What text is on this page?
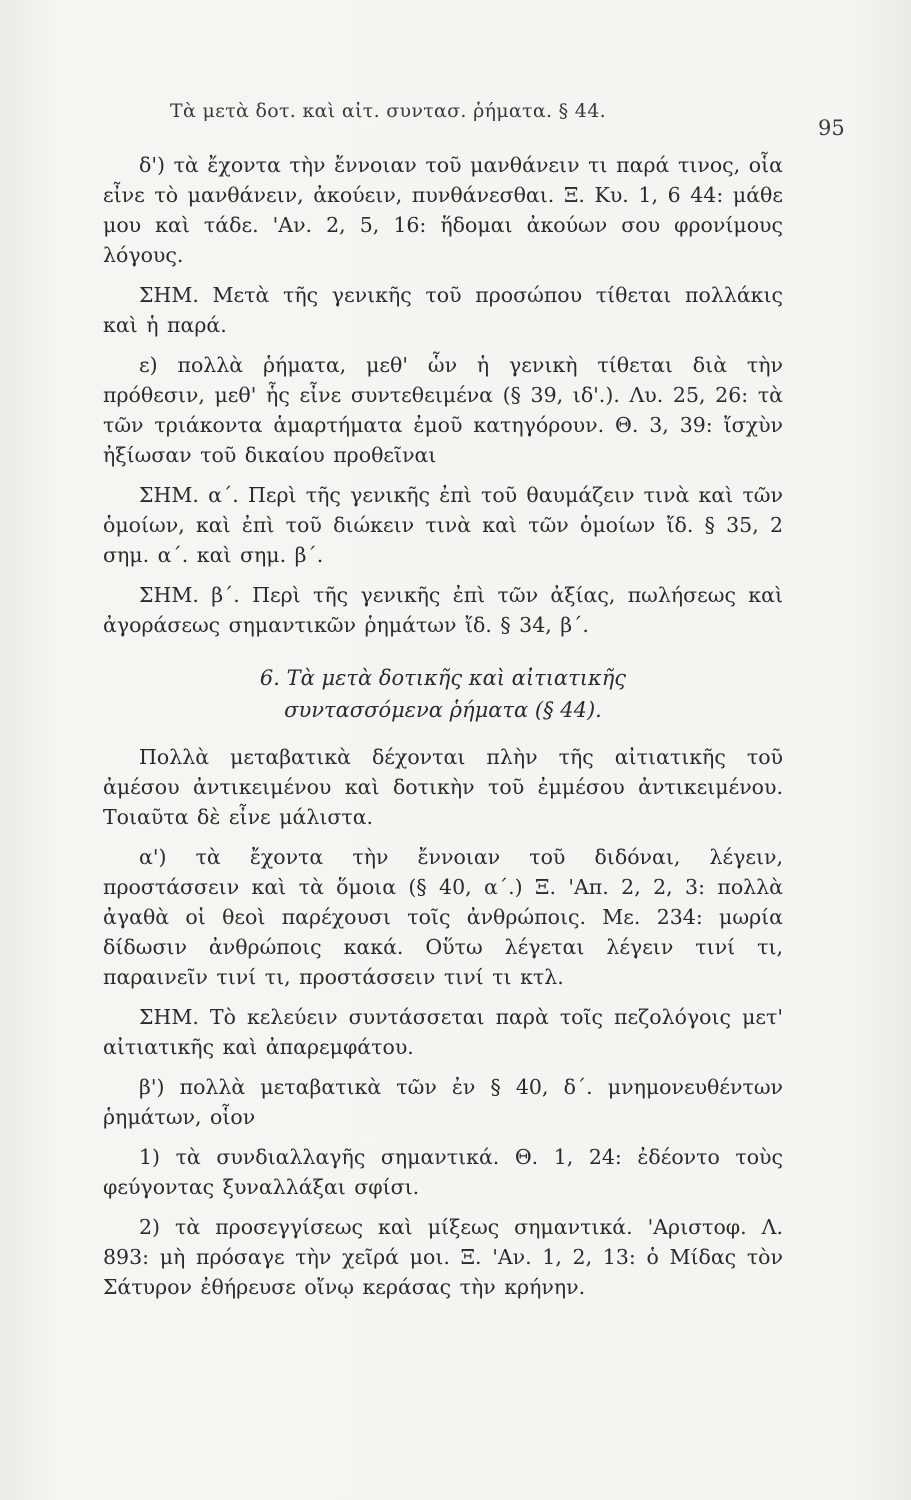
Τὰ μετὰ δοτ. καὶ αἰτ. συντασ. ῥήματα. § 44.
95

δ') τὰ ἔχοντα τὴν ἔννοιαν τοῦ μανθάνειν τι παρά τινος, οἷα εἶνε τὸ μανθάνειν, ἀκούειν, πυνθάνεσθαι. Ξ. Κυ. 1, 6 44: μάθε μου καὶ τάδε. 'Αν. 2, 5, 16: ἥδομαι ἀκούων σου φρονίμους λόγους.

ΣΗΜ. Μετὰ τῆς γενικῆς τοῦ προσώπου τίθεται πολλάκις καὶ ἡ παρά.

ε) πολλὰ ῥήματα, μεθ' ὧν ἡ γενικὴ τίθεται διὰ τὴν πρόθεσιν, μεθ' ἧς εἶνε συντεθειμένα (§ 39, ιδ'.). Λυ. 25, 26: τὰ τῶν τριάκοντα ἁμαρτήματα ἐμοῦ κατηγόρουν. Θ. 3, 39: ἴσχὺν ἠξίωσαν τοῦ δικαίου προθεῖναι

ΣΗΜ. α΄. Περὶ τῆς γενικῆς ἐπὶ τοῦ θαυμάζειν τινὰ καὶ τῶν ὁμοίων, καὶ ἐπὶ τοῦ διώκειν τινὰ καὶ τῶν ὁμοίων ἴδ. § 35, 2 σημ. α΄. καὶ σημ. β΄.

ΣΗΜ. β΄. Περὶ τῆς γενικῆς ἐπὶ τῶν ἀξίας, πωλήσεως καὶ ἀγοράσεως σημαντικῶν ῥημάτων ἴδ. § 34, β΄.

6. Τὰ μετὰ δοτικῆς καὶ αἰτιατικῆς
συντασσόμενα ῥήματα (§ 44).

Πολλὰ μεταβατικὰ δέχονται πλὴν τῆς αἰτιατικῆς τοῦ ἀμέσου ἀντικειμένου καὶ δοτικὴν τοῦ ἐμμέσου ἀντικειμένου. Τοιαῦτα δὲ εἶνε μάλιστα.

α') τὰ ἔχοντα τὴν ἔννοιαν τοῦ διδόναι, λέγειν, προστάσσειν καὶ τὰ ὅμοια (§ 40, α΄.) Ξ. 'Απ. 2, 2, 3: πολλὰ ἀγαθὰ οἱ θεοὶ παρέχουσι τοῖς ἀνθρώποις. Με. 234: μωρία δίδωσιν ἀνθρώποις κακά. Οὕτω λέγεται λέγειν τινί τι, παραινεῖν τινί τι, προστάσσειν τινί τι κτλ.

ΣΗΜ. Τὸ κελεύειν συντάσσεται παρὰ τοῖς πεζολόγοις μετ' αἰτιατικῆς καὶ ἀπαρεμφάτου.

β') πολλὰ μεταβατικὰ τῶν ἐν § 40, δ΄. μνημονευθέντων ῥημάτων, οἷον

1) τὰ συνδιαλλαγῆς σημαντικά. Θ. 1, 24: ἐδέοντο τοὺς φεύγοντας ξυναλλάξαι σφίσι.

2) τὰ προσεγγίσεως καὶ μίξεως σημαντικά. 'Αριστοφ. Λ. 893: μὴ πρόσαγε τὴν χεῖρά μοι. Ξ. 'Αν. 1, 2, 13: ὁ Μίδας τὸν Σάτυρον ἐθήρευσε οἴνῳ κεράσας τὴν κρήνην.
